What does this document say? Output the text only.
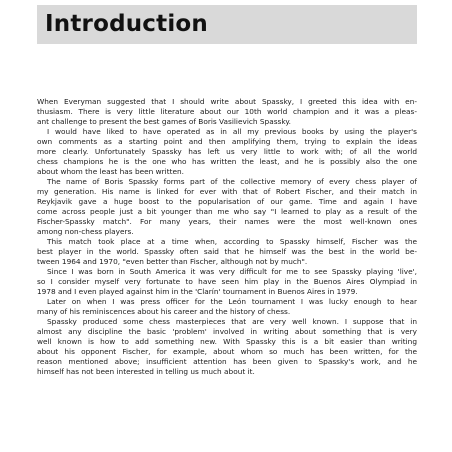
Introduction
When Everyman suggested that I should write about Spassky, I greeted this idea with en-
thusiasm. There is very little literature about our 10th world champion and it was a pleas-
ant challenge to present the best games of Boris Vasilievich Spassky.
I would have liked to have operated as in all my previous books by using the player's
own comments as a starting point and then amplifying them, trying to explain the ideas
more clearly. Unfortunately Spassky has left us very little to work with; of all the world
chess champions he is the one who has written the least, and he is possibly also the one
about whom the least has been written.
The name of Boris Spassky forms part of the collective memory of every chess player of
my generation. His name is linked for ever with that of Robert Fischer, and their match in
Reykjavik gave a huge boost to the popularisation of our game. Time and again I have
come across people just a bit younger than me who say "I learned to play as a result of the
Fischer-Spassky match". For many years, their names were the most well-known ones
among non-chess players.
This match took place at a time when, according to Spassky himself, Fischer was the
best player in the world. Spassky often said that he himself was the best in the world be-
tween 1964 and 1970, "even better than Fischer, although not by much".
Since I was born in South America it was very difficult for me to see Spassky playing 'live',
so I consider myself very fortunate to have seen him play in the Buenos Aires Olympiad in
1978 and I even played against him in the 'Clarín' tournament in Buenos Aires in 1979.
Later on when I was press officer for the León tournament I was lucky enough to hear
many of his reminiscences about his career and the history of chess.
Spassky produced some chess masterpieces that are very well known. I suppose that in
almost any discipline the basic 'problem' involved in writing about something that is very
well known is how to add something new. With Spassky this is a bit easier than writing
about his opponent Fischer, for example, about whom so much has been written, for the
reason mentioned above; insufficient attention has been given to Spassky's work, and he
himself has not been interested in telling us much about it.
